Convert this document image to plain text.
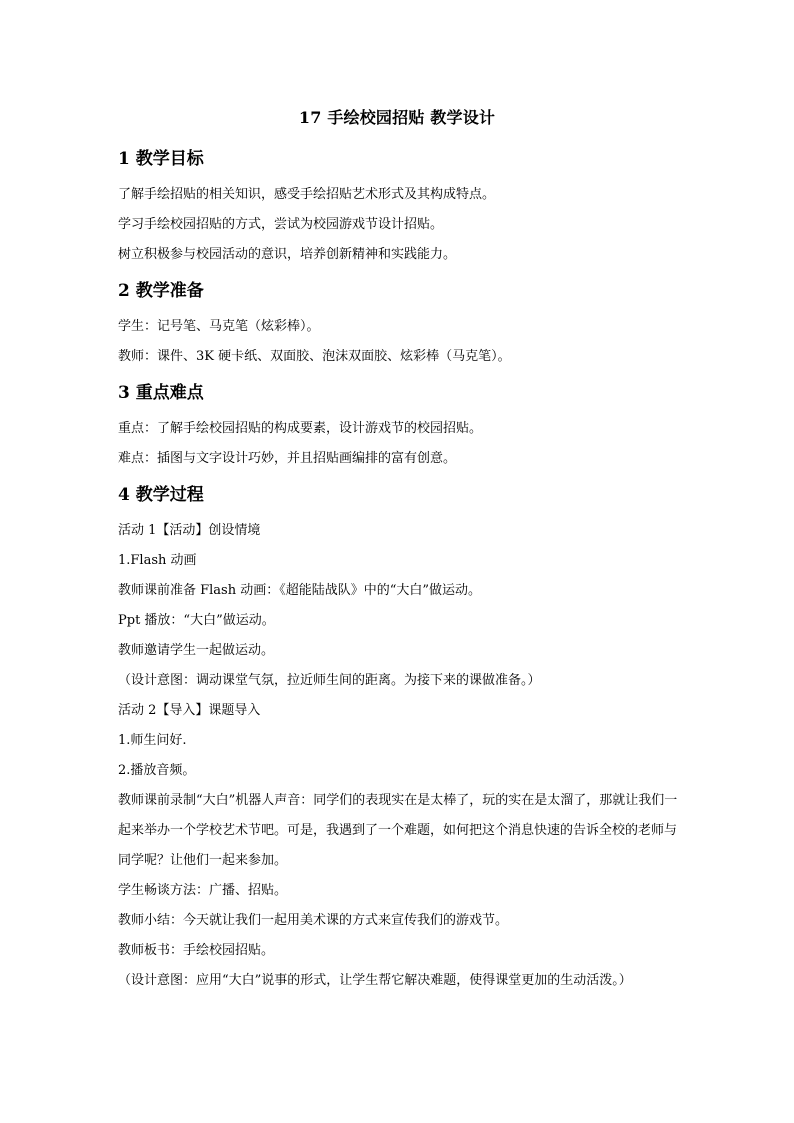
17 手绘校园招贴 教学设计
1 教学目标

了解手绘招贴的相关知识，感受手绘招贴艺术形式及其构成特点。

学习手绘校园招贴的方式，尝试为校园游戏节设计招贴。

树立积极参与校园活动的意识，培养创新精神和实践能力。

2 教学准备

学生：记号笔、马克笔（炫彩棒）。

教师：课件、3K 硬卡纸、双面胶、泡沫双面胶、炫彩棒（马克笔）。

3 重点难点

重点：了解手绘校园招贴的构成要素，设计游戏节的校园招贴。

难点：插图与文字设计巧妙，并且招贴画编排的富有创意。

4 教学过程

活动 1【活动】创设情境

1.Flash 动画

教师课前准备 Flash 动画：《超能陆战队》中的“大白”做运动。

Ppt 播放：“大白”做运动。

教师邀请学生一起做运动。

（设计意图：调动课堂气氛，拉近师生间的距离。为接下来的课做准备。）

活动 2【导入】课题导入

1.师生问好.

2.播放音频。

教师课前录制“大白”机器人声音：同学们的表现实在是太棒了，玩的实在是太溜了，那就让我们一起来举办一个学校艺术节吧。可是，我遇到了一个难题，如何把这个消息快速的告诉全校的老师与同学呢？让他们一起来参加。

学生畅谈方法：广播、招贴。

教师小结：今天就让我们一起用美术课的方式来宣传我们的游戏节。

教师板书：手绘校园招贴。

（设计意图：应用“大白”说事的形式，让学生帮它解决难题，使得课堂更加的生动活泼。）
